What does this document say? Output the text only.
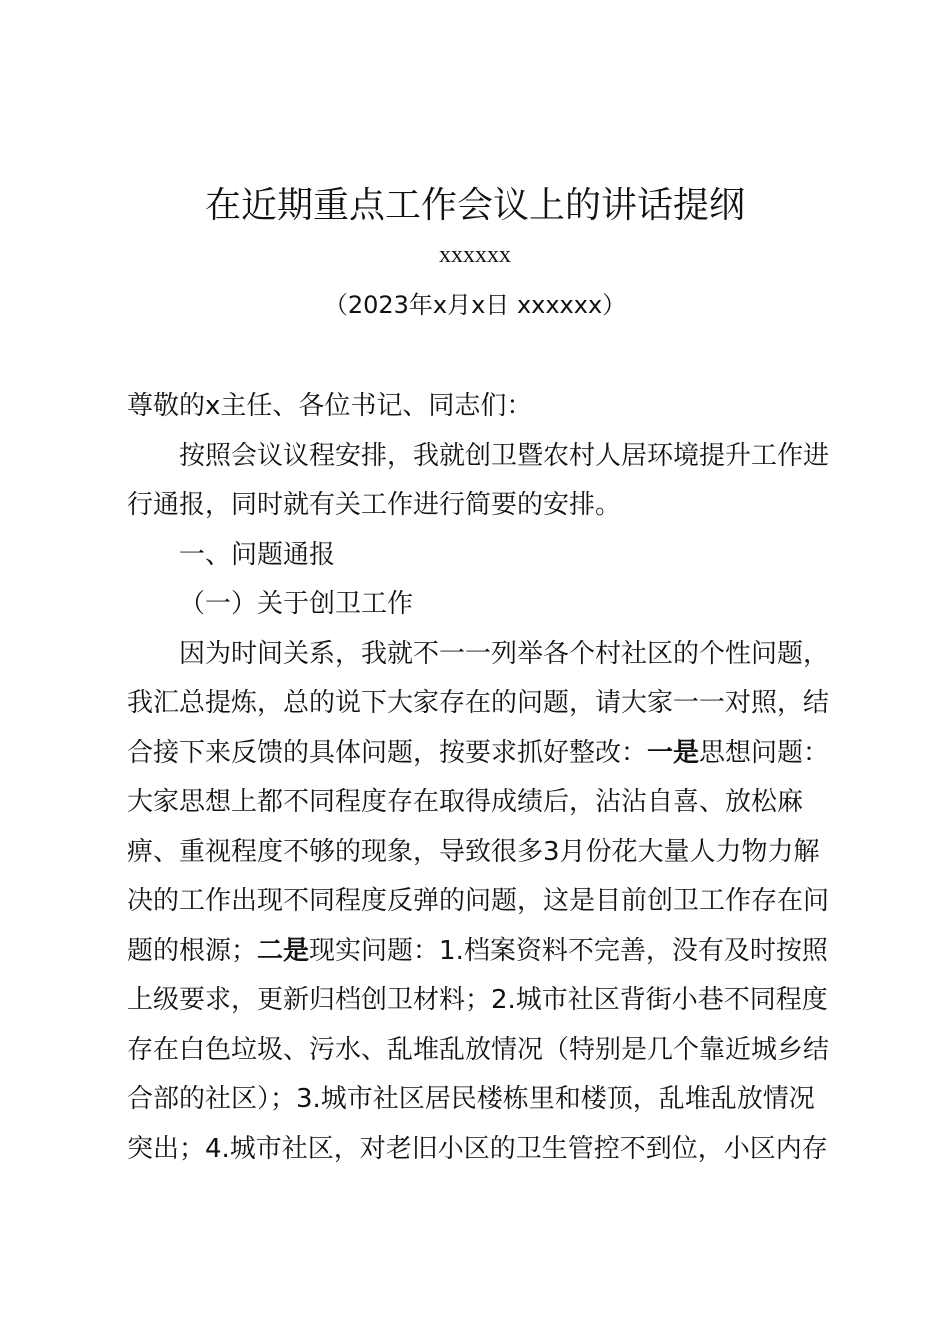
在近期重点工作会议上的讲话提纲
xxxxxx
（2023年x月x日 xxxxxx）

尊敬的x主任、各位书记、同志们：

按照会议议程安排，我就创卫暨农村人居环境提升工作进
行通报，同时就有关工作进行简要的安排。

一、问题通报

（一）关于创卫工作

因为时间关系，我就不一一列举各个村社区的个性问题，
我汇总提炼，总的说下大家存在的问题，请大家一一对照，结
合接下来反馈的具体问题，按要求抓好整改：一是思想问题：
大家思想上都不同程度存在取得成绩后，沾沾自喜、放松麻
痹、重视程度不够的现象，导致很多3月份花大量人力物力解
决的工作出现不同程度反弹的问题，这是目前创卫工作存在问
题的根源；二是现实问题：1.档案资料不完善，没有及时按照
上级要求，更新归档创卫材料；2.城市社区背街小巷不同程度
存在白色垃圾、污水、乱堆乱放情况（特别是几个靠近城乡结
合部的社区）；3.城市社区居民楼栋里和楼顶，乱堆乱放情况
突出；4.城市社区，对老旧小区的卫生管控不到位，小区内存
